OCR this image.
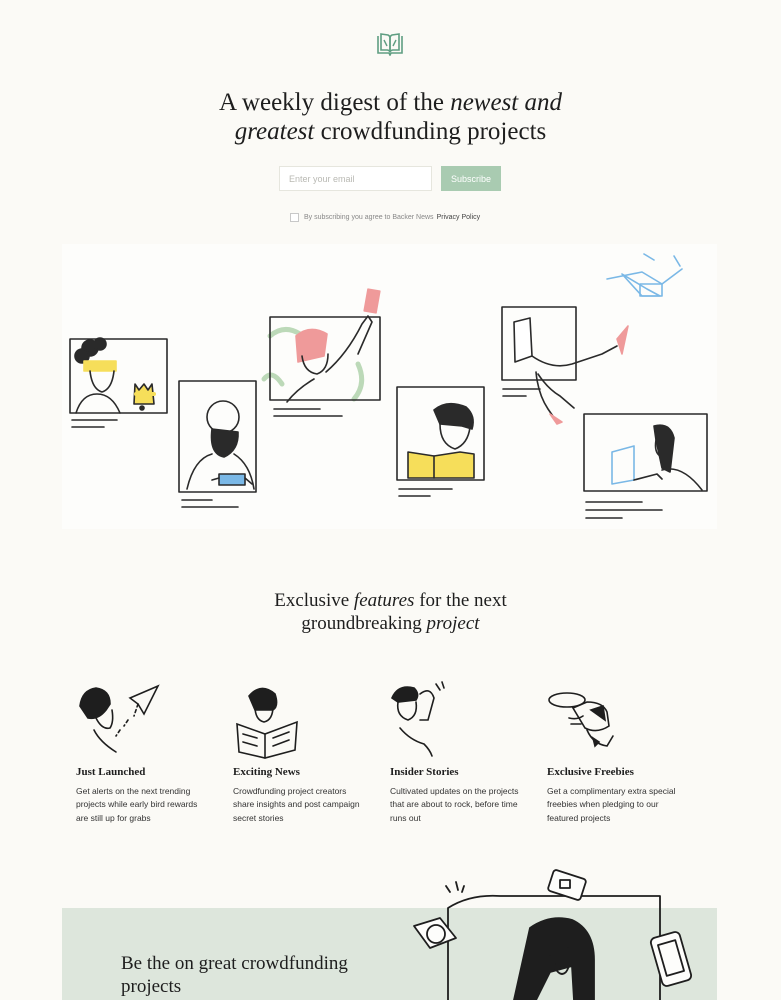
A weekly digest of the newest and
greatest crowdfunding projects
Enter your email
Subscribe
By subscribing you agree to Backer News Privacy Policy
Exclusive features for the next
groundbreaking project
Just Launched
Get alerts on the next trending projects while early bird rewards are still up for grabs
Exciting News
Crowdfunding project creators share insights and post campaign secret stories
Insider Stories
Cultivated updates on the projects that are about to rock, before time runs out
Exclusive Freebies
Get a complimentary extra special freebies when pledging to our featured projects
Be the on great crowdfunding projects
